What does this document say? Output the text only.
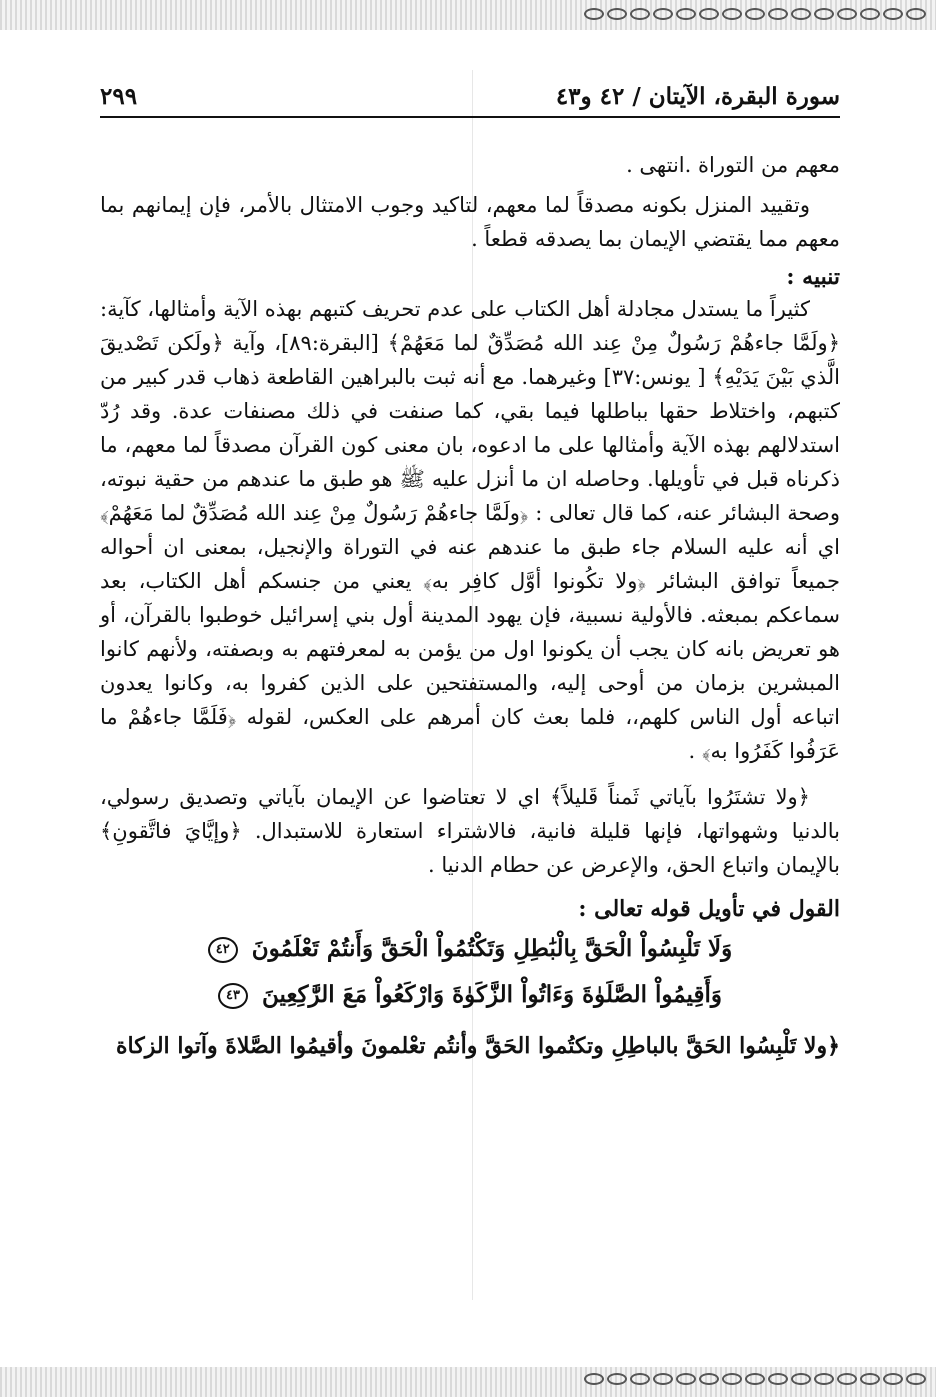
سورة البقرة، الآيتان / ٤٢ و٤٣
٢٩٩

معهم من التوراة .انتهى .

وتقييد المنزل بكونه مصدقاً لما معهم، لتاكيد وجوب الامتثال بالأمر، فإن إيمانهم بما معهم مما يقتضي الإيمان بما يصدقه قطعاً .

تنبيه :

كثيراً ما يستدل مجادلة أهل الكتاب على عدم تحريف كتبهم بهذه الآية وأمثالها، كآية: ﴿ولَمَّا جاءهُمْ رَسُولٌ مِنْ عِند الله مُصَدِّقٌ لما مَعَهُمْ﴾ [البقرة:٨٩]، وآية ﴿ولَكن تَصْديقَ الَّذي بَيْنَ يَدَيْهِ﴾ [ يونس:٣٧] وغيرهما. مع أنه ثبت بالبراهين القاطعة ذهاب قدر كبير من كتبهم، واختلاط حقها بباطلها فيما بقي، كما صنفت في ذلك مصنفات عدة. وقد رُدّ استدلالهم بهذه الآية وأمثالها على ما ادعوه، بان معنى كون القرآن مصدقاً لما معهم، ما ذكرناه قبل في تأويلها. وحاصله ان ما أنزل عليه ﷺ هو طبق ما عندهم من حقية نبوته، وصحة البشائر عنه، كما قال تعالى : ﴿ولَمَّا جاءهُمْ رَسُولٌ مِنْ عِند الله مُصَدِّقٌ لما مَعَهُمْ﴾ اي أنه عليه السلام جاء طبق ما عندهم عنه في التوراة والإنجيل، بمعنى ان أحواله جميعاً توافق البشائر ﴿ولا تكُونوا أوَّل كافِر به﴾ يعني من جنسكم أهل الكتاب، بعد سماعكم بمبعثه. فالأولية نسبية، فإن يهود المدينة أول بني إسرائيل خوطبوا بالقرآن، أو هو تعريض بانه كان يجب أن يكونوا اول من يؤمن به لمعرفتهم به وبصفته، ولأنهم كانوا المبشرين بزمان من أوحى إليه، والمستفتحين على الذين كفروا به، وكانوا يعدون اتباعه أول الناس كلهم،، فلما بعث كان أمرهم على العكس، لقوله ﴿فَلَمَّا جاءهُمْ ما عَرَفُوا كَفَرُوا به﴾ .

﴿ولا تشتَرُوا بآياتي ثَمناً قَليلاً﴾ اي لا تعتاضوا عن الإيمان بآياتي وتصديق رسولي، بالدنيا وشهواتها، فإنها قليلة فانية، فالاشتراء استعارة للاستبدال. ﴿وإيَّايَ فاتَّقونِ﴾ بالإيمان واتباع الحق، والإعرض عن حطام الدنيا .

القول في تأويل قوله تعالى :
وَلَا تَلْبِسُواْ الْحَقَّ بِالْبَٰطِلِ وَتَكْتُمُواْ الْحَقَّ وَأَنتُمْ تَعْلَمُونَ ٤٢
وَأَقِيمُواْ الصَّلَوٰةَ وَءَاتُواْ الزَّكَوٰةَ وَارْكَعُواْ مَعَ الرَّٰكِعِينَ ٤٣
﴿ولا تَلْبِسُوا الحَقَّ بالباطِلِ وتكتُموا الحَقَّ وأنتُم تعْلمونَ وأقيمُوا الصَّلاةَ وآتوا الزكاة
